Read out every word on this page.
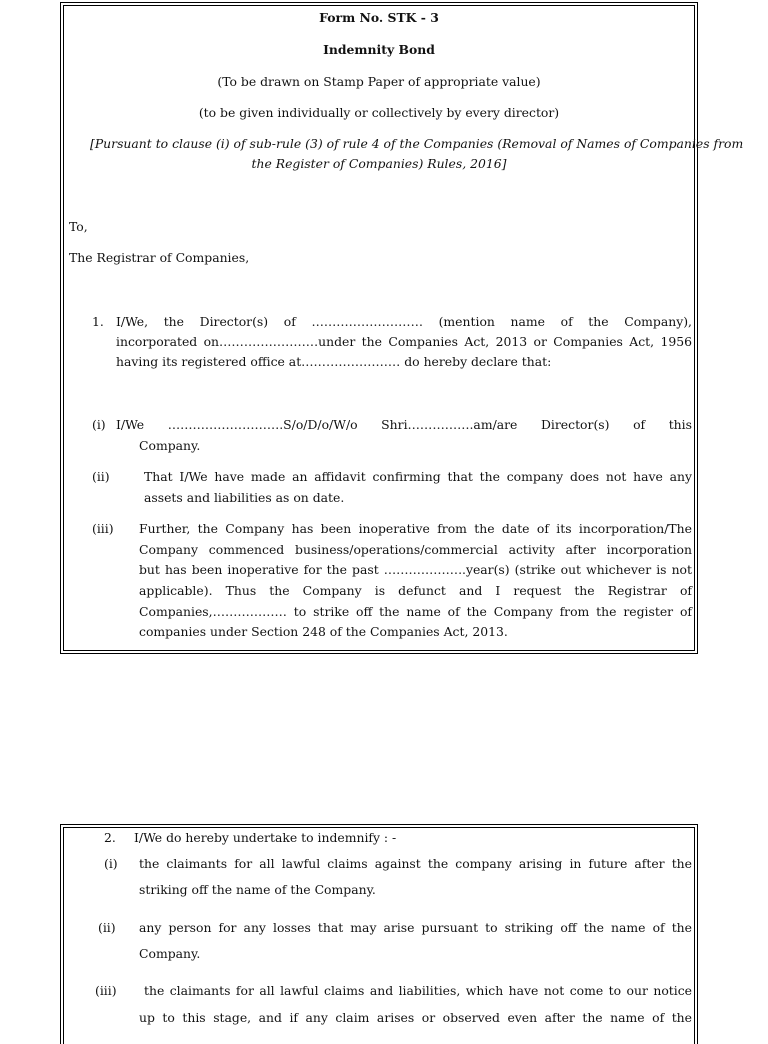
Form No. STK - 3
Indemnity Bond
(To be drawn on Stamp Paper of appropriate value)
(to be given individually or collectively by every director)
[Pursuant to clause (i) of sub-rule (3) of rule 4 of the Companies (Removal of Names of Companies from
the Register of Companies) Rules, 2016]
To,
The Registrar of Companies,
1. I/We, the Director(s) of ……………………… (mention name of the Company),
incorporated on……………………under the Companies Act, 2013 or Companies Act, 1956
having its registered office at…………………… do hereby declare that:
(i) I/We ……………………….S/o/D/o/W/o Shri…………….am/are Director(s) of this
Company.
(ii)	That I/We have made an affidavit confirming that the company does not have any
assets and liabilities as on date.
(iii) Further, the Company has been inoperative from the date of its incorporation/The
Company commenced business/operations/commercial activity after incorporation
but has been inoperative for the past ………………..year(s) (strike out whichever is not
applicable). Thus the Company is defunct and I request the Registrar of
Companies,……………… to strike off the name of the Company from the register of
companies under Section 248 of the Companies Act, 2013.
2. I/We do hereby undertake to indemnify : -
(i) the claimants for all lawful claims against the company arising in future after the
striking off the name of the Company.
(ii) any person for any losses that may arise pursuant to striking off the name of the
Company.
(iii) the claimants for all lawful claims and liabilities, which have not come to our notice
up to this stage, and if any claim arises or observed even after the name of the
